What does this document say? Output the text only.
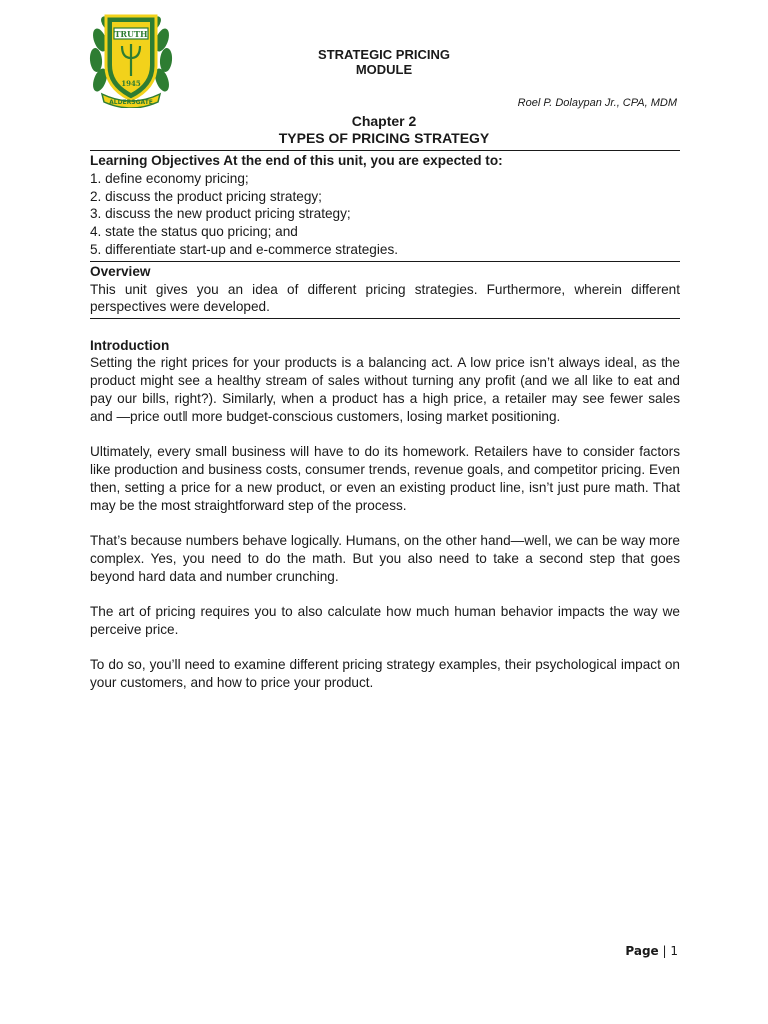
TRUTH
1945
ALDERSGATE
STRATEGIC PRICING
MODULE
Roel P. Dolaypan Jr., CPA, MDM
Chapter 2
TYPES OF PRICING STRATEGY
Learning Objectives At the end of this unit, you are expected to:
1. define economy pricing;
2. discuss the product pricing strategy;
3. discuss the new product pricing strategy;
4. state the status quo pricing; and
5. differentiate start-up and e-commerce strategies.
Overview

This unit gives you an idea of different pricing strategies. Furthermore, wherein different perspectives were developed.

Introduction

Setting the right prices for your products is a balancing act. A low price isn’t always ideal, as the product might see a healthy stream of sales without turning any profit (and we all like to eat and pay our bills, right?). Similarly, when a product has a high price, a retailer may see fewer sales and ―price outǁ more budget-conscious customers, losing market positioning.

Ultimately, every small business will have to do its homework. Retailers have to consider factors like production and business costs, consumer trends, revenue goals, and competitor pricing. Even then, setting a price for a new product, or even an existing product line, isn’t just pure math. That may be the most straightforward step of the process.

That’s because numbers behave logically. Humans, on the other hand—well, we can be way more complex. Yes, you need to do the math. But you also need to take a second step that goes beyond hard data and number crunching.

The art of pricing requires you to also calculate how much human behavior impacts the way we perceive price.

To do so, you’ll need to examine different pricing strategy examples, their psychological impact on your customers, and how to price your product.

Page | 1
